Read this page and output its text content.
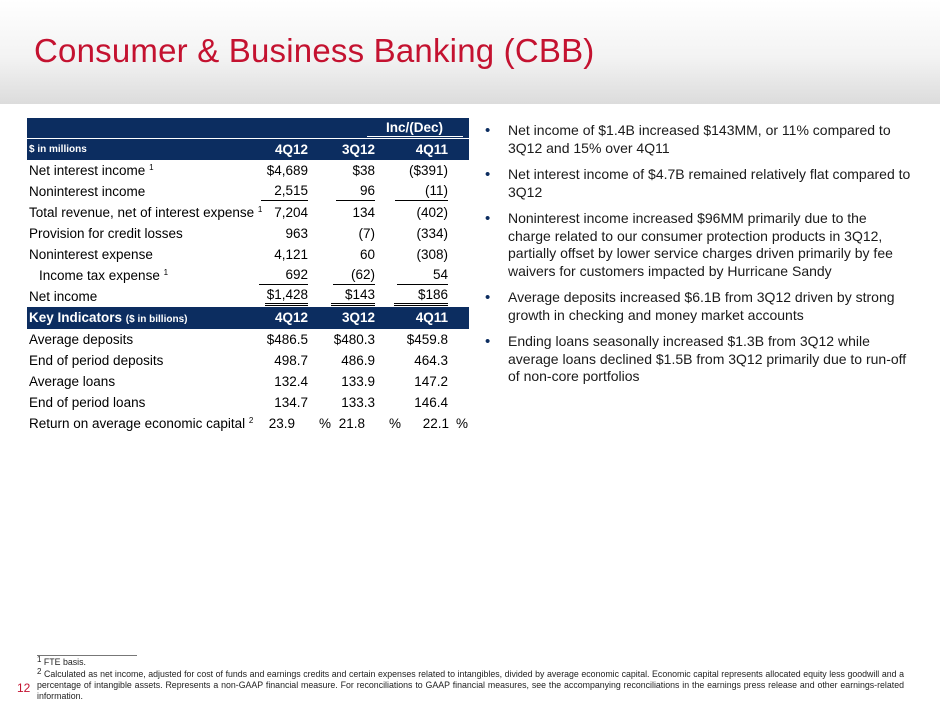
Consumer & Business Banking (CBB)
Inc/(Dec)
$ in millions	4Q12	3Q12	4Q11
Net interest income $^1$	$4,689	$38	($391)
Noninterest income	2,515	96	(11)
Total revenue, net of interest expense $^1$ 7,204	134	(402)
Provision for credit losses	963	(7)	(334)
Noninterest expense	4,121	60	(308)
Income tax expense $^1$	692	(62)	54
Net income	$1,428	$143	$186
Key Indicators ($ in billions)	4Q12	3Q12	4Q11
Average deposits	$486.5 $480.3 $459.8
End of period deposits	498.7 486.9	464.3
Average loans	132.4 133.9	147.2
End of period loans	134.7 133.3	146.4
Return on average economic capital $^2$ 23.9 % 21.8 % 22.1 %
• Net income of $1.4B increased $143MM, or 11% compared to 3Q12 and 15% over 4Q11
• Net interest income of $4.7B remained relatively flat compared to 3Q12
• Noninterest income increased $96MM primarily due to the charge related to our consumer protection products in 3Q12, partially offset by lower service charges driven primarily by fee waivers for customers impacted by Hurricane Sandy
• Average deposits increased $6.1B from 3Q12 driven by strong growth in checking and money market accounts
• Ending loans seasonally increased $1.3B from 3Q12 while average loans declined $1.5B from 3Q12 primarily due to run-off of non-core portfolios
$^1$ FTE basis.
$^2$ Calculated as net income, adjusted for cost of funds and earnings credits and certain expenses related to intangibles, divided by average economic capital. Economic capital represents allocated equity less goodwill and a percentage of intangible assets. Represents a non-GAAP financial measure. For reconciliations to GAAP financial measures, see the accompanying reconciliations in the earnings press release and other earnings-related information.
12
